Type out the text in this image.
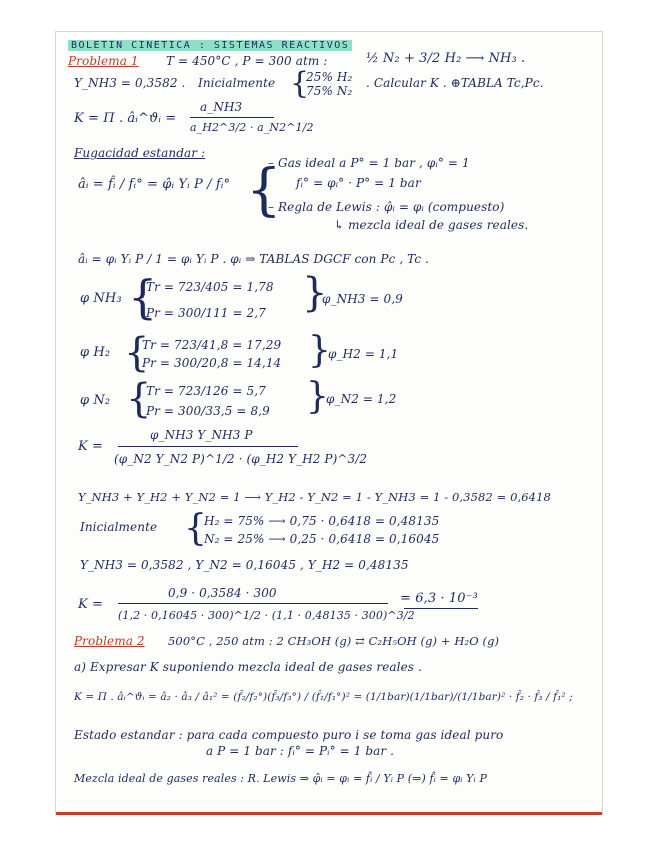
BOLETIN CINETICA : SISTEMAS REACTIVOS
Problema 1 T = 450°C , P = 300 atm :	½ N₂ + 3/2 H₂ ⟶ NH₃ .
Y_NH3 = 0,3582 . Inicialmente {
25% H₂
75% N₂
. Calcular K . ⊕TABLA Tc,Pc.
K = Π . âᵢ^ϑᵢ =
a_NH3
a_H2^3/2 · a_N2^1/2
Fugacidad estandar :
âᵢ = f̂ᵢ / fᵢ° = φ̂ᵢ Yᵢ P / fᵢ° {
– Gas ideal a P° = 1 bar , φᵢ° = 1
fᵢ° = φᵢ° · P° = 1 bar
– Regla de Lewis : φ̂ᵢ = φᵢ (compuesto)
↳ mezcla ideal de gases reales.
âᵢ = φᵢ Yᵢ P / 1 = φᵢ Yᵢ P . φᵢ ⇒ TABLAS DGCF con Pc , Tc .
φ NH₃ {
Tr = 723/405 = 1,78
Pr = 300/111 = 2,7 }
φ_NH3 = 0,9
φ H₂ {
Tr = 723/41,8 = 17,29
Pr = 300/20,8 = 14,14 }
φ_H2 = 1,1
φ N₂ {
Tr = 723/126 = 5,7
Pr = 300/33,5 = 8,9 }
φ_N2 = 1,2
K =
φ_NH3 Y_NH3 P
(φ_N2 Y_N2 P)^1/2 · (φ_H2 Y_H2 P)^3/2
Y_NH3 + Y_H2 + Y_N2 = 1 ⟶ Y_H2 - Y_N2 = 1 - Y_NH3 = 1 - 0,3582 = 0,6418
Inicialmente {
H₂ = 75% ⟶ 0,75 · 0,6418 = 0,48135
N₂ = 25% ⟶ 0,25 · 0,6418 = 0,16045
Y_NH3 = 0,3582 , Y_N2 = 0,16045 , Y_H2 = 0,48135
K =
0,9 · 0,3584 · 300
(1,2 · 0,16045 · 300)^1/2 · (1,1 · 0,48135 · 300)^3/2
= 6,3 · 10⁻³
Problema 2 500°C , 250 atm : 2 CH₃OH (g) ⇄ C₂H₅OH (g) + H₂O (g)
a) Expresar K suponiendo mezcla ideal de gases reales .
K = Π . âᵢ^ϑᵢ = â₂ · â₃ / â₁² = (f̂₂/f₂°)(f̂₃/f₃°) / (f̂₁/f₁°)² = (1/1bar)(1/1bar)/(1/1bar)² · f̂₂ · f̂₃ / f̂₁² ;
Estado estandar : para cada compuesto puro i se toma gas ideal puro
a P = 1 bar : fᵢ° = Pᵢ° = 1 bar .
Mezcla ideal de gases reales : R. Lewis ⇒ φ̂ᵢ = φᵢ = f̂ᵢ / Yᵢ P (⇒) f̂ᵢ = φᵢ Yᵢ P
